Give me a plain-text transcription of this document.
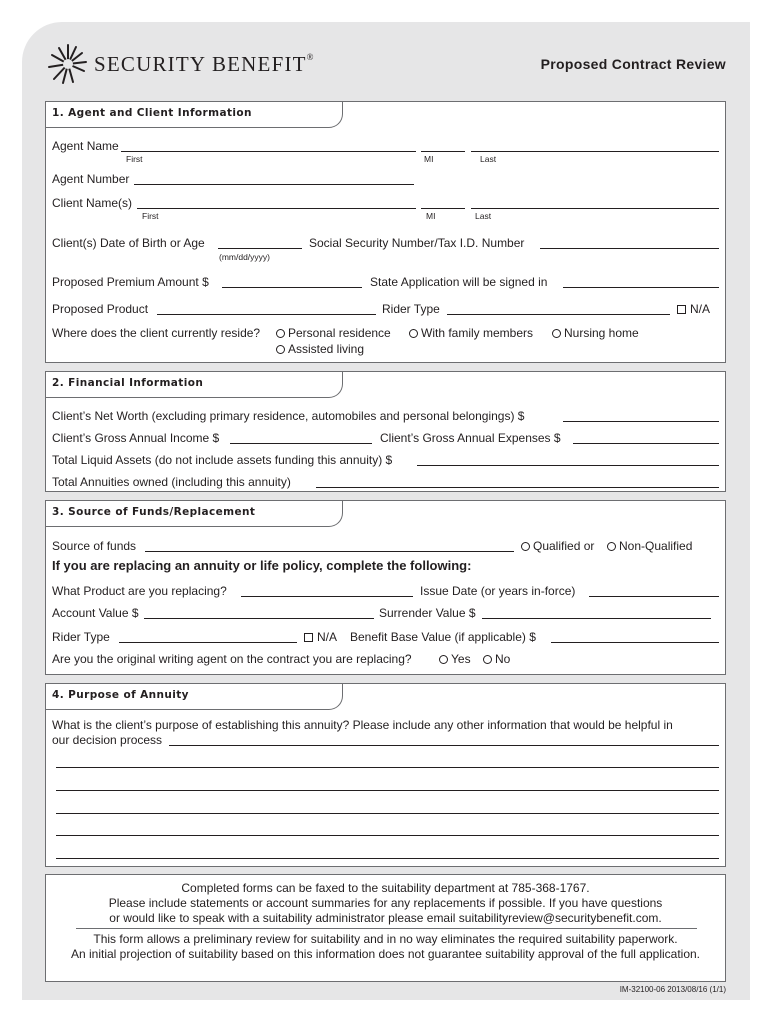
SECURITY BENEFIT®	Proposed Contract Review
1. Agent and Client Information
Agent Name
First	MI	Last
Agent Number
Client Name(s)
First	MI	Last
Client(s) Date of Birth or Age
(mm/dd/yyyy)
Social Security Number/Tax I.D. Number
Proposed Premium Amount $	State Application will be signed in
Proposed Product	Rider Type	N/A
Where does the client currently reside?	Personal residence	With family members	Nursing home
Assisted living
2. Financial Information
Client’s Net Worth (excluding primary residence, automobiles and personal belongings) $
Client’s Gross Annual Income $	Client’s Gross Annual Expenses $
Total Liquid Assets (do not include assets funding this annuity) $
Total Annuities owned (including this annuity)
3. Source of Funds/Replacement
Source of funds	Qualified or	Non-Qualified
If you are replacing an annuity or life policy, complete the following:
What Product are you replacing?	Issue Date (or years in-force)
Account Value $	Surrender Value $
Rider Type	N/A Benefit Base Value (if applicable) $
Are you the original writing agent on the contract you are replacing?	Yes	No
4. Purpose of Annuity
What is the client’s purpose of establishing this annuity? Please include any other information that would be helpful in
our decision process
Completed forms can be faxed to the suitability department at 785-368-1767.
Please include statements or account summaries for any replacements if possible. If you have questions
or would like to speak with a suitability administrator please email suitabilityreview@securitybenefit.com.
This form allows a preliminary review for suitability and in no way eliminates the required suitability paperwork.
An initial projection of suitability based on this information does not guarantee suitability approval of the full application.
IM-32100-06 2013/08/16 (1/1)
